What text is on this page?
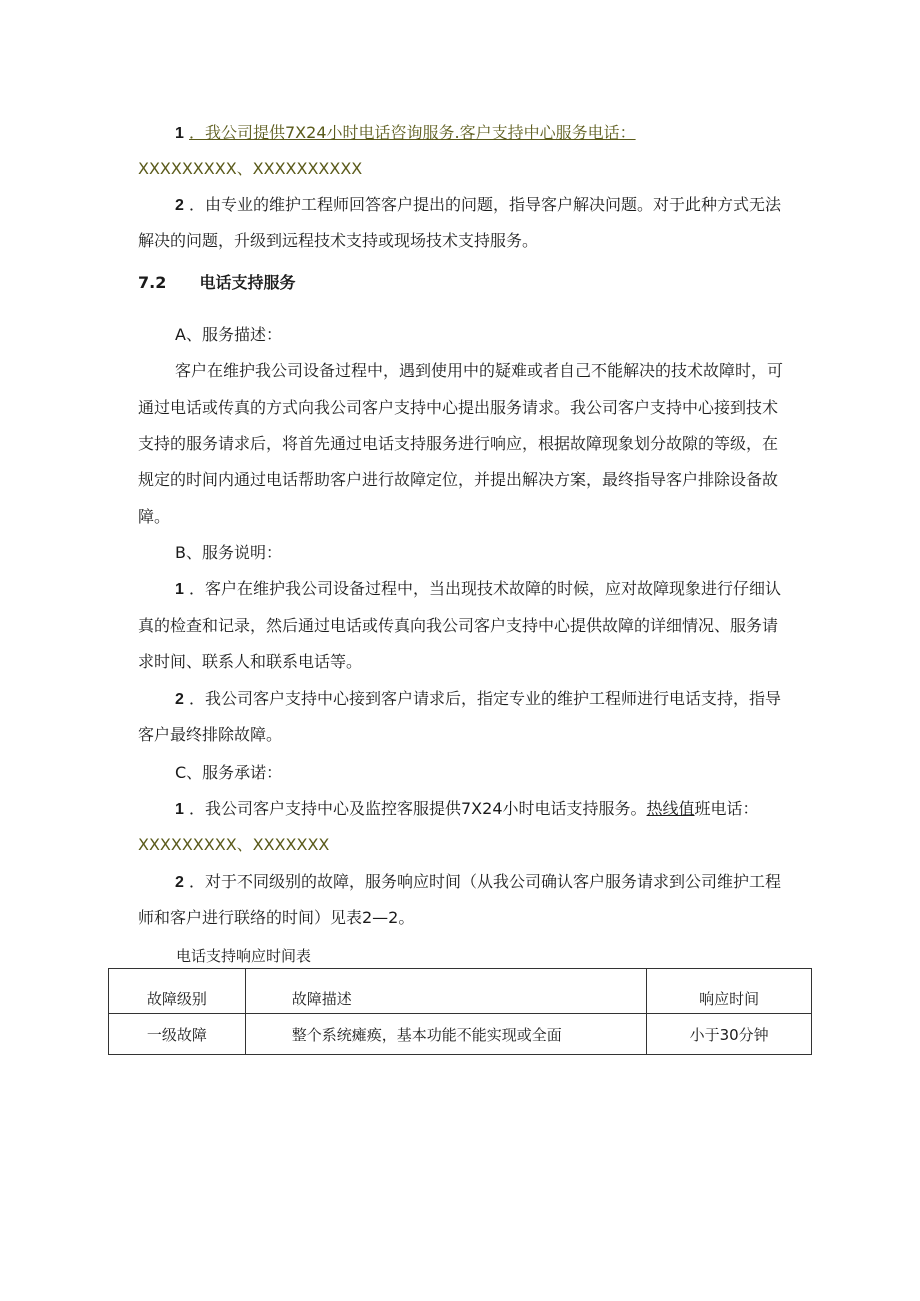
1 ．我公司提供7X24小时电话咨询服务.客户支持中心服务电话：
XXXXXXXXX、XXXXXXXXXX
2 ．由专业的维护工程师回答客户提出的问题，指导客户解决问题。对于此种方式无法
解决的问题，升级到远程技术支持或现场技术支持服务。
7.2 电话支持服务
A、服务描述：
客户在维护我公司设备过程中，遇到使用中的疑难或者自己不能解决的技术故障时，可
通过电话或传真的方式向我公司客户支持中心提出服务请求。我公司客户支持中心接到技术
支持的服务请求后，将首先通过电话支持服务进行响应，根据故障现象划分故隙的等级，在
规定的时间内通过电话帮助客户进行故障定位，并提出解决方案，最终指导客户排除设备故
障。
B、服务说明：
1 ．客户在维护我公司设备过程中，当出现技术故障的时候，应对故障现象进行仔细认
真的检查和记录，然后通过电话或传真向我公司客户支持中心提供故障的详细情况、服务请
求时间、联系人和联系电话等。
2 ．我公司客户支持中心接到客户请求后，指定专业的维护工程师进行电话支持，指导
客户最终排除故障。
C、服务承诺：
1 ．我公司客户支持中心及监控客服提供7X24小时电话支持服务。热线值班电话：
XXXXXXXXX、XXXXXXX
2 ．对于不同级别的故障，服务响应时间（从我公司确认客户服务请求到公司维护工程
师和客户进行联络的时间）见表2—2。
电话支持响应时间表
故障级别	故障描述	响应时间
一级故障	整个系统瘫痪，基本功能不能实现或全面	小于30分钟
